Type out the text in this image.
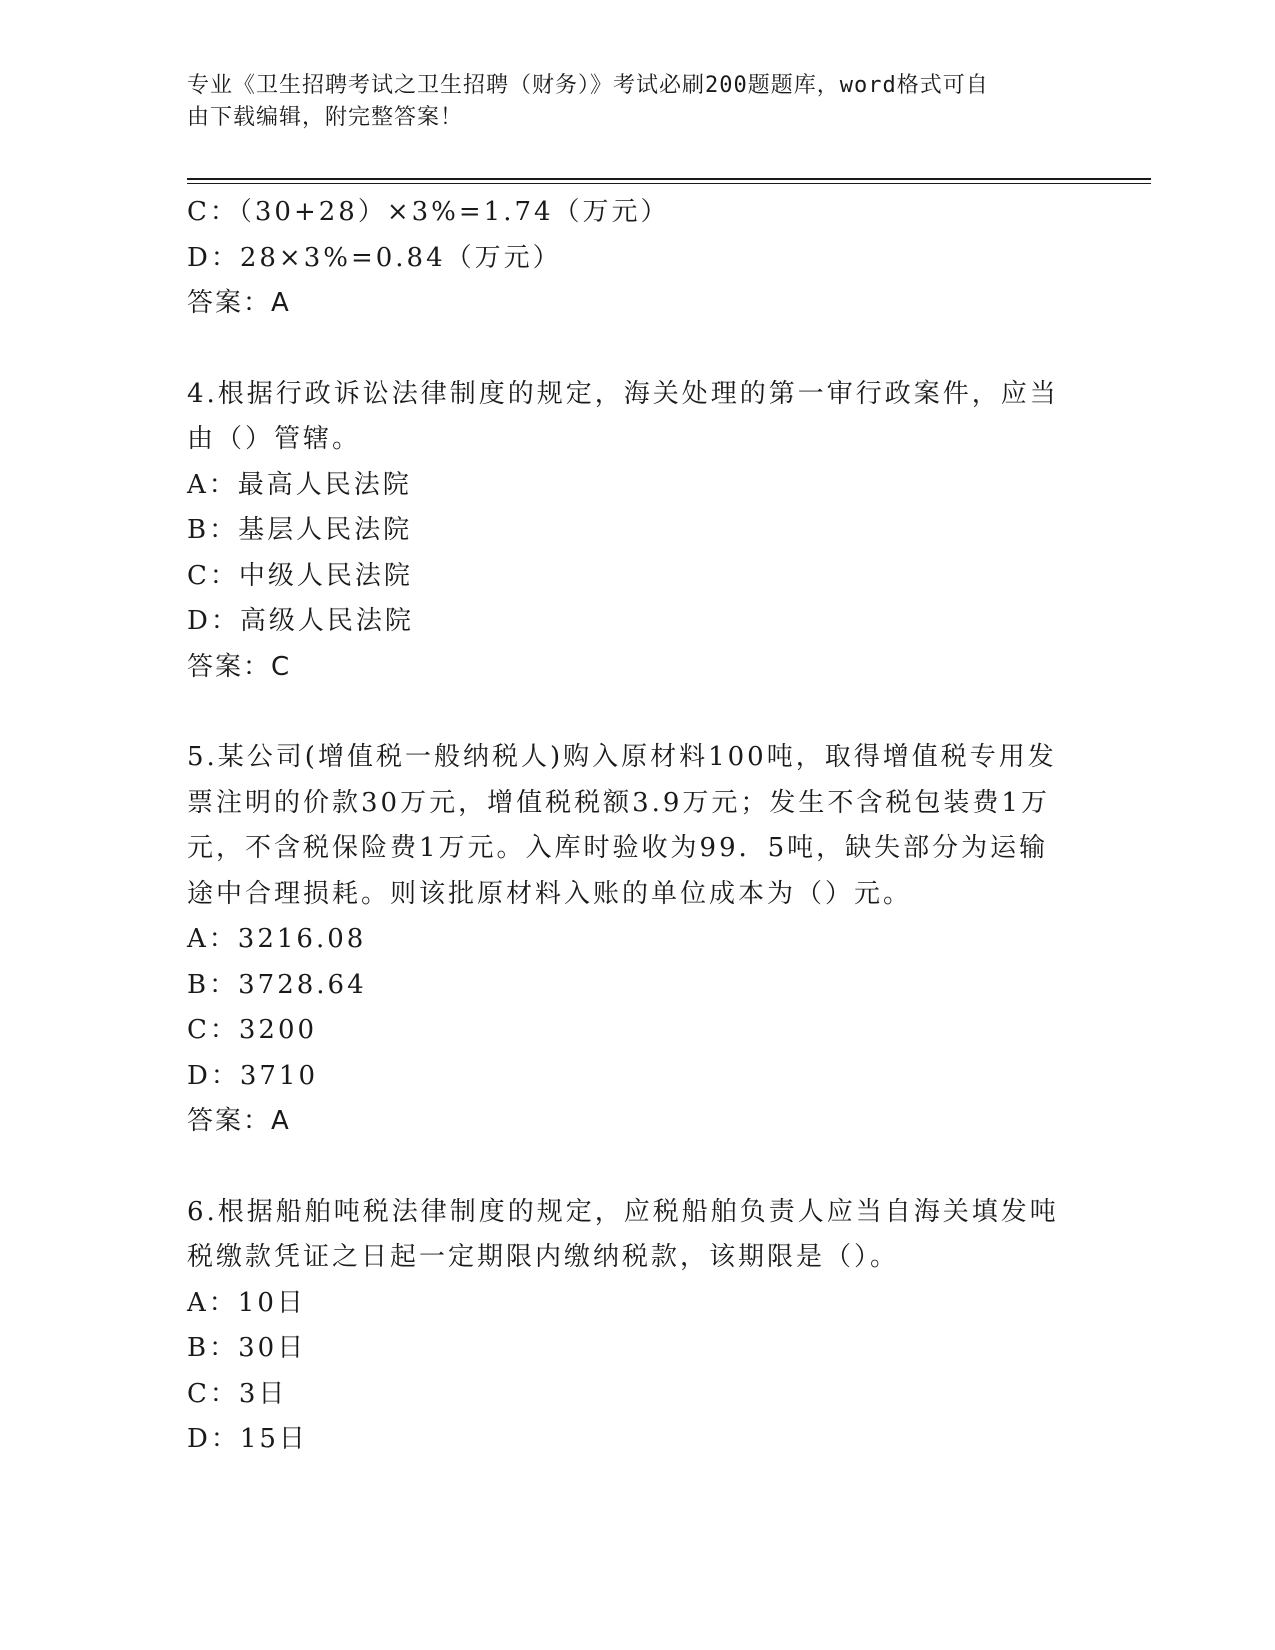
专业《卫生招聘考试之卫生招聘（财务）》考试必刷200题题库，word格式可自
由下载编辑，附完整答案！
C：（30+28）×3%=1.74（万元）
D：28×3%=0.84（万元）
答案：A
4.根据行政诉讼法律制度的规定，海关处理的第一审行政案件，应当
由（）管辖。
A：最高人民法院
B：基层人民法院
C：中级人民法院
D：高级人民法院
答案：C
5.某公司(增值税一般纳税人)购入原材料100吨，取得增值税专用发
票注明的价款30万元，增值税税额3.9万元；发生不含税包装费1万
元，不含税保险费1万元。入库时验收为99．5吨，缺失部分为运输
途中合理损耗。则该批原材料入账的单位成本为（）元。
A：3216.08
B：3728.64
C：3200
D：3710
答案：A
6.根据船舶吨税法律制度的规定，应税船舶负责人应当自海关填发吨
税缴款凭证之日起一定期限内缴纳税款，该期限是（）。
A：10日
B：30日
C：3日
D：15日
